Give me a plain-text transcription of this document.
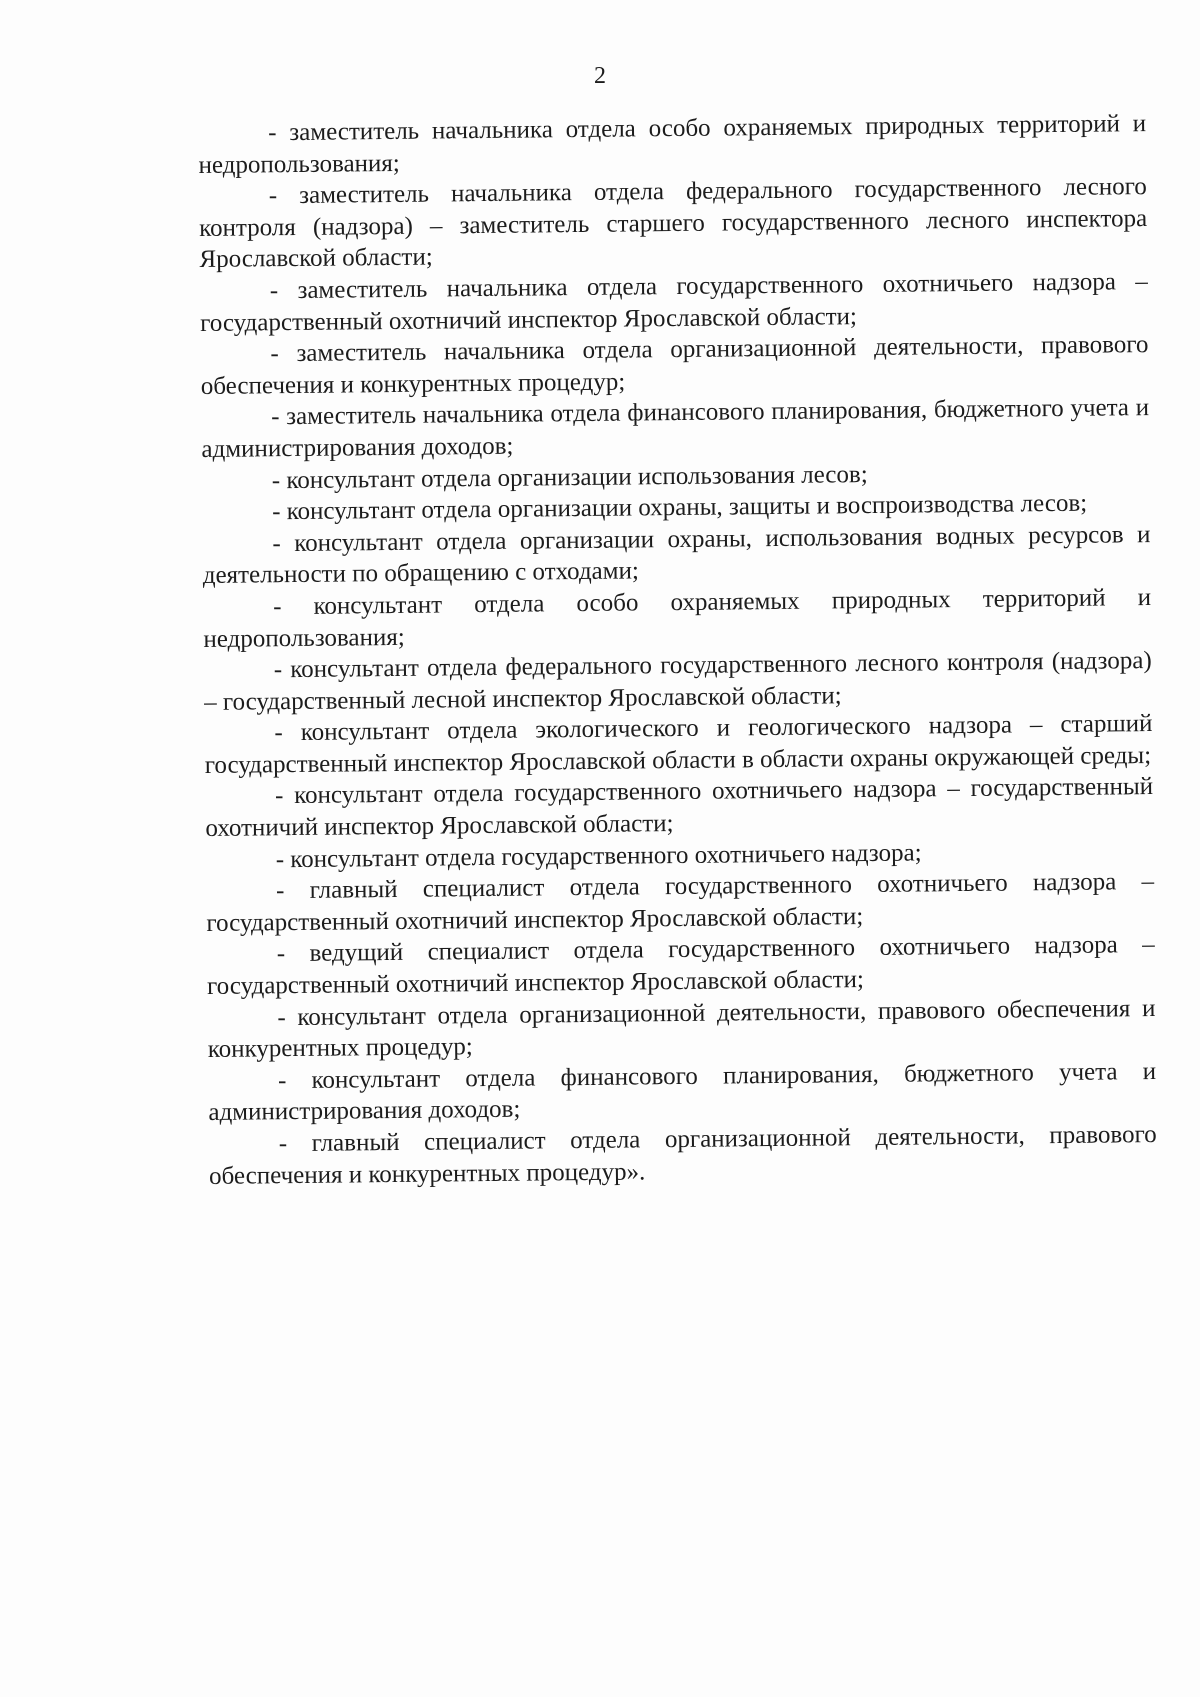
2

- заместитель начальника отдела особо охраняемых природных территорий и недропользования;

- заместитель начальника отдела федерального государственного лесного контроля (надзора) – заместитель старшего государственного лесного инспектора Ярославской области;

- заместитель начальника отдела государственного охотничьего надзора – государственный охотничий инспектор Ярославской области;

- заместитель начальника отдела организационной деятельности, правового обеспечения и конкурентных процедур;

- заместитель начальника отдела финансового планирования, бюджетного учета и администрирования доходов;

- консультант отдела организации использования лесов;

- консультант отдела организации охраны, защиты и воспроизводства лесов;

- консультант отдела организации охраны, использования водных ресурсов и деятельности по обращению с отходами;

- консультант отдела особо охраняемых природных территорий и недропользования;

- консультант отдела федерального государственного лесного контроля (надзора) – государственный лесной инспектор Ярославской области;

- консультант отдела экологического и геологического надзора – старший государственный инспектор Ярославской области в области охраны окружающей среды;

- консультант отдела государственного охотничьего надзора – государственный охотничий инспектор Ярославской области;

- консультант отдела государственного охотничьего надзора;

- главный специалист отдела государственного охотничьего надзора – государственный охотничий инспектор Ярославской области;

- ведущий специалист отдела государственного охотничьего надзора – государственный охотничий инспектор Ярославской области;

- консультант отдела организационной деятельности, правового обеспечения и конкурентных процедур;

- консультант отдела финансового планирования, бюджетного учета и администрирования доходов;

- главный специалист отдела организационной деятельности, правового обеспечения и конкурентных процедур».
